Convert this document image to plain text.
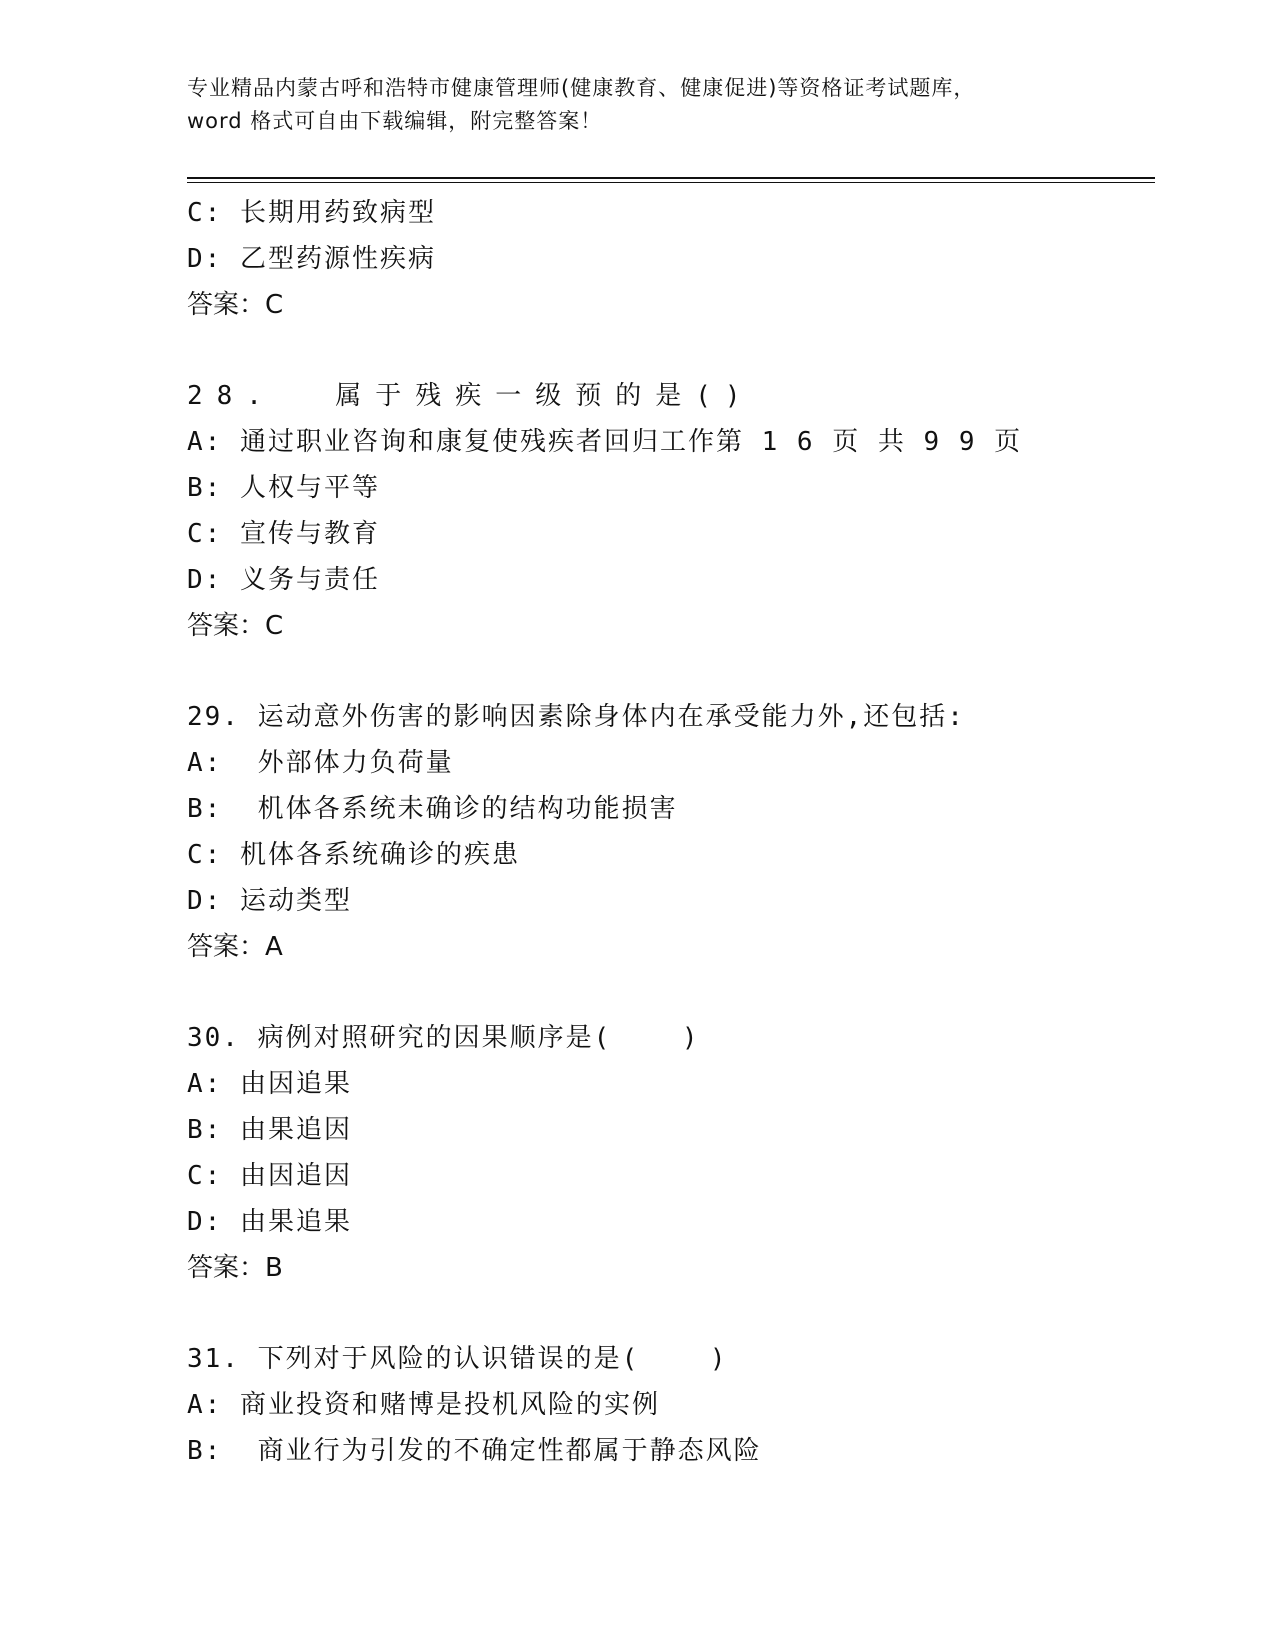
专业精品内蒙古呼和浩特市健康管理师(健康教育、健康促进)等资格证考试题库，
word 格式可自由下载编辑，附完整答案！
C: 长期用药致病型
D: 乙型药源性疾病
答案：C
28.  属于残疾一级预的是()
A: 通过职业咨询和康复使残疾者回归工作第 1 6 页 共 9 9 页
B: 人权与平等
C: 宣传与教育
D: 义务与责任
答案：C
29. 运动意外伤害的影响因素除身体内在承受能力外,还包括:
A:  外部体力负荷量
B:  机体各系统未确诊的结构功能损害
C: 机体各系统确诊的疾患
D: 运动类型
答案：A
30. 病例对照研究的因果顺序是(    )
A: 由因追果
B: 由果追因
C: 由因追因
D: 由果追果
答案：B
31. 下列对于风险的认识错误的是(    )
A: 商业投资和赌博是投机风险的实例
B:  商业行为引发的不确定性都属于静态风险
